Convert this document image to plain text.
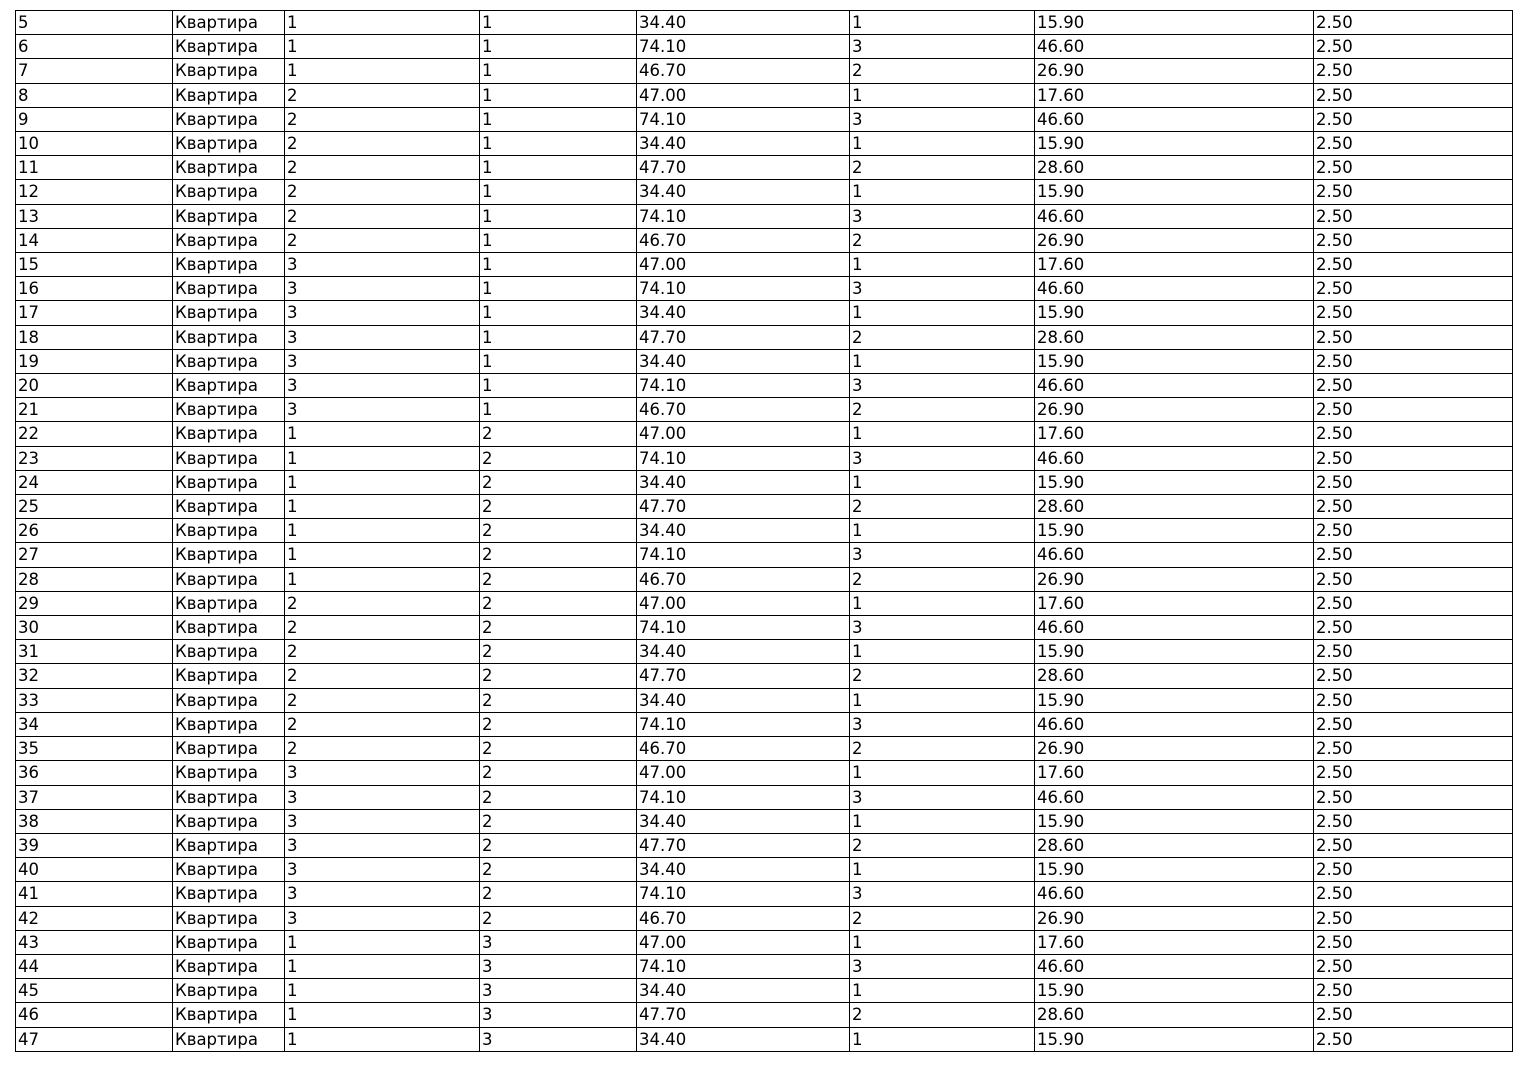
5	Квартира	1	1	34.40	1	15.90	2.50
6	Квартира	1	1	74.10	3	46.60	2.50
7	Квартира	1	1	46.70	2	26.90	2.50
8	Квартира	2	1	47.00	1	17.60	2.50
9	Квартира	2	1	74.10	3	46.60	2.50
10	Квартира	2	1	34.40	1	15.90	2.50
11	Квартира	2	1	47.70	2	28.60	2.50
12	Квартира	2	1	34.40	1	15.90	2.50
13	Квартира	2	1	74.10	3	46.60	2.50
14	Квартира	2	1	46.70	2	26.90	2.50
15	Квартира	3	1	47.00	1	17.60	2.50
16	Квартира	3	1	74.10	3	46.60	2.50
17	Квартира	3	1	34.40	1	15.90	2.50
18	Квартира	3	1	47.70	2	28.60	2.50
19	Квартира	3	1	34.40	1	15.90	2.50
20	Квартира	3	1	74.10	3	46.60	2.50
21	Квартира	3	1	46.70	2	26.90	2.50
22	Квартира	1	2	47.00	1	17.60	2.50
23	Квартира	1	2	74.10	3	46.60	2.50
24	Квартира	1	2	34.40	1	15.90	2.50
25	Квартира	1	2	47.70	2	28.60	2.50
26	Квартира	1	2	34.40	1	15.90	2.50
27	Квартира	1	2	74.10	3	46.60	2.50
28	Квартира	1	2	46.70	2	26.90	2.50
29	Квартира	2	2	47.00	1	17.60	2.50
30	Квартира	2	2	74.10	3	46.60	2.50
31	Квартира	2	2	34.40	1	15.90	2.50
32	Квартира	2	2	47.70	2	28.60	2.50
33	Квартира	2	2	34.40	1	15.90	2.50
34	Квартира	2	2	74.10	3	46.60	2.50
35	Квартира	2	2	46.70	2	26.90	2.50
36	Квартира	3	2	47.00	1	17.60	2.50
37	Квартира	3	2	74.10	3	46.60	2.50
38	Квартира	3	2	34.40	1	15.90	2.50
39	Квартира	3	2	47.70	2	28.60	2.50
40	Квартира	3	2	34.40	1	15.90	2.50
41	Квартира	3	2	74.10	3	46.60	2.50
42	Квартира	3	2	46.70	2	26.90	2.50
43	Квартира	1	3	47.00	1	17.60	2.50
44	Квартира	1	3	74.10	3	46.60	2.50
45	Квартира	1	3	34.40	1	15.90	2.50
46	Квартира	1	3	47.70	2	28.60	2.50
47	Квартира	1	3	34.40	1	15.90	2.50
